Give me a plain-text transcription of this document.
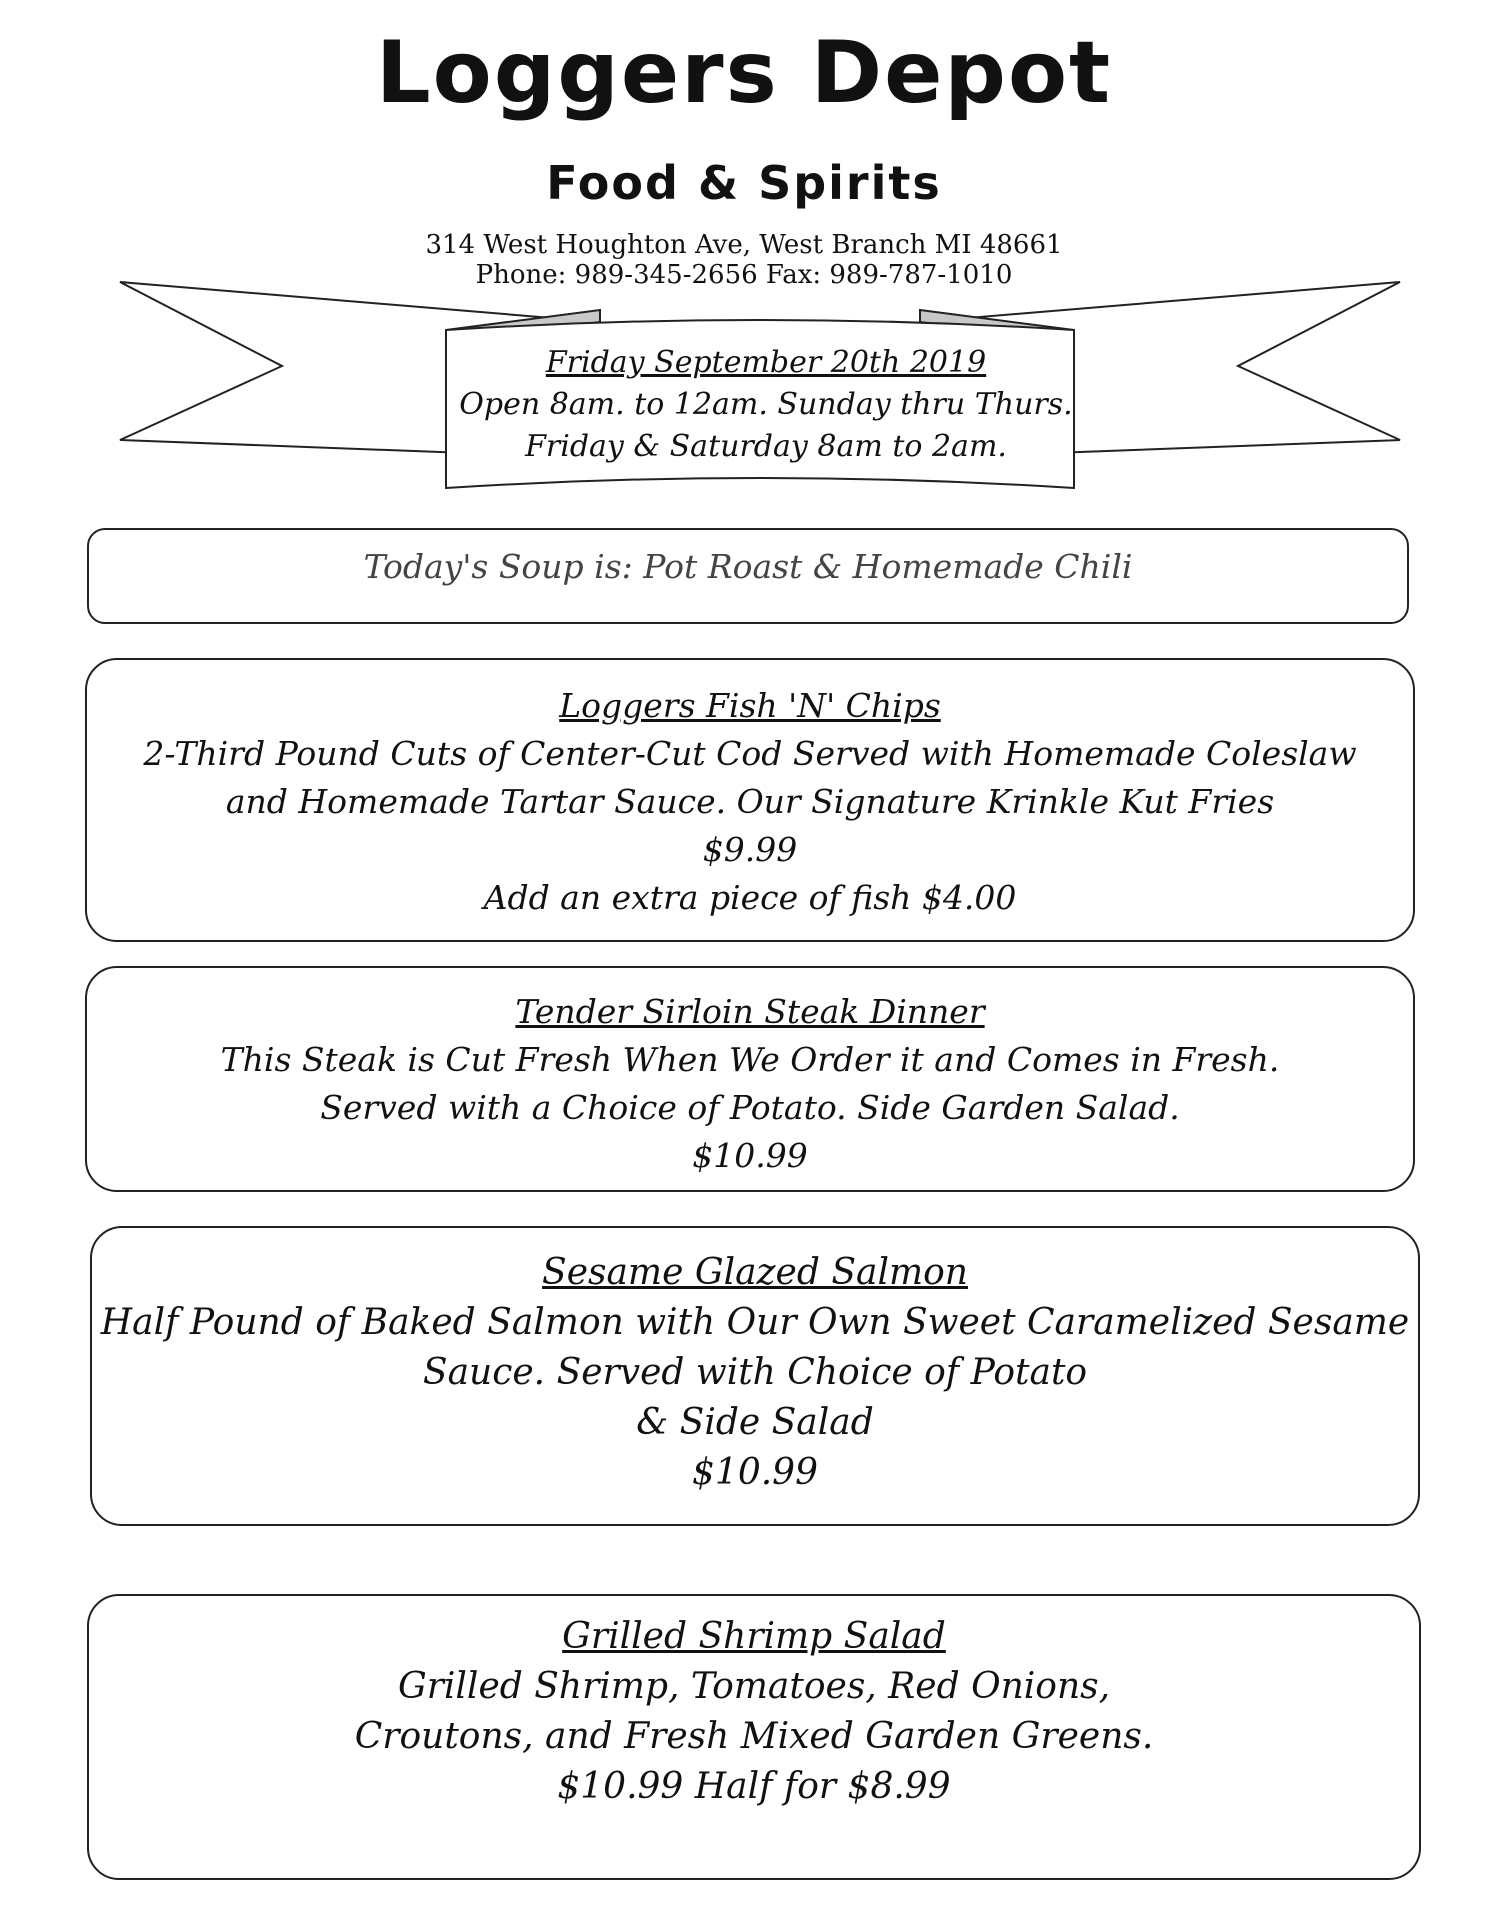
Loggers Depot
Food & Spirits
314 West Houghton Ave, West Branch MI 48661
Phone: 989-345-2656 Fax: 989-787-1010
Friday September 20th 2019
Open 8am. to 12am. Sunday thru Thurs.
Friday & Saturday 8am to 2am.
Today's Soup is: Pot Roast & Homemade Chili
Loggers Fish 'N' Chips
2-Third Pound Cuts of Center-Cut Cod Served with Homemade Coleslaw
and Homemade Tartar Sauce. Our Signature Krinkle Kut Fries
$9.99
Add an extra piece of fish $4.00
Tender Sirloin Steak Dinner
This Steak is Cut Fresh When We Order it and Comes in Fresh.
Served with a Choice of Potato. Side Garden Salad.
$10.99
Sesame Glazed Salmon
Half Pound of Baked Salmon with Our Own Sweet Caramelized Sesame
Sauce. Served with Choice of Potato
& Side Salad
$10.99
Grilled Shrimp Salad
Grilled Shrimp, Tomatoes, Red Onions,
Croutons, and Fresh Mixed Garden Greens.
$10.99 Half for $8.99
